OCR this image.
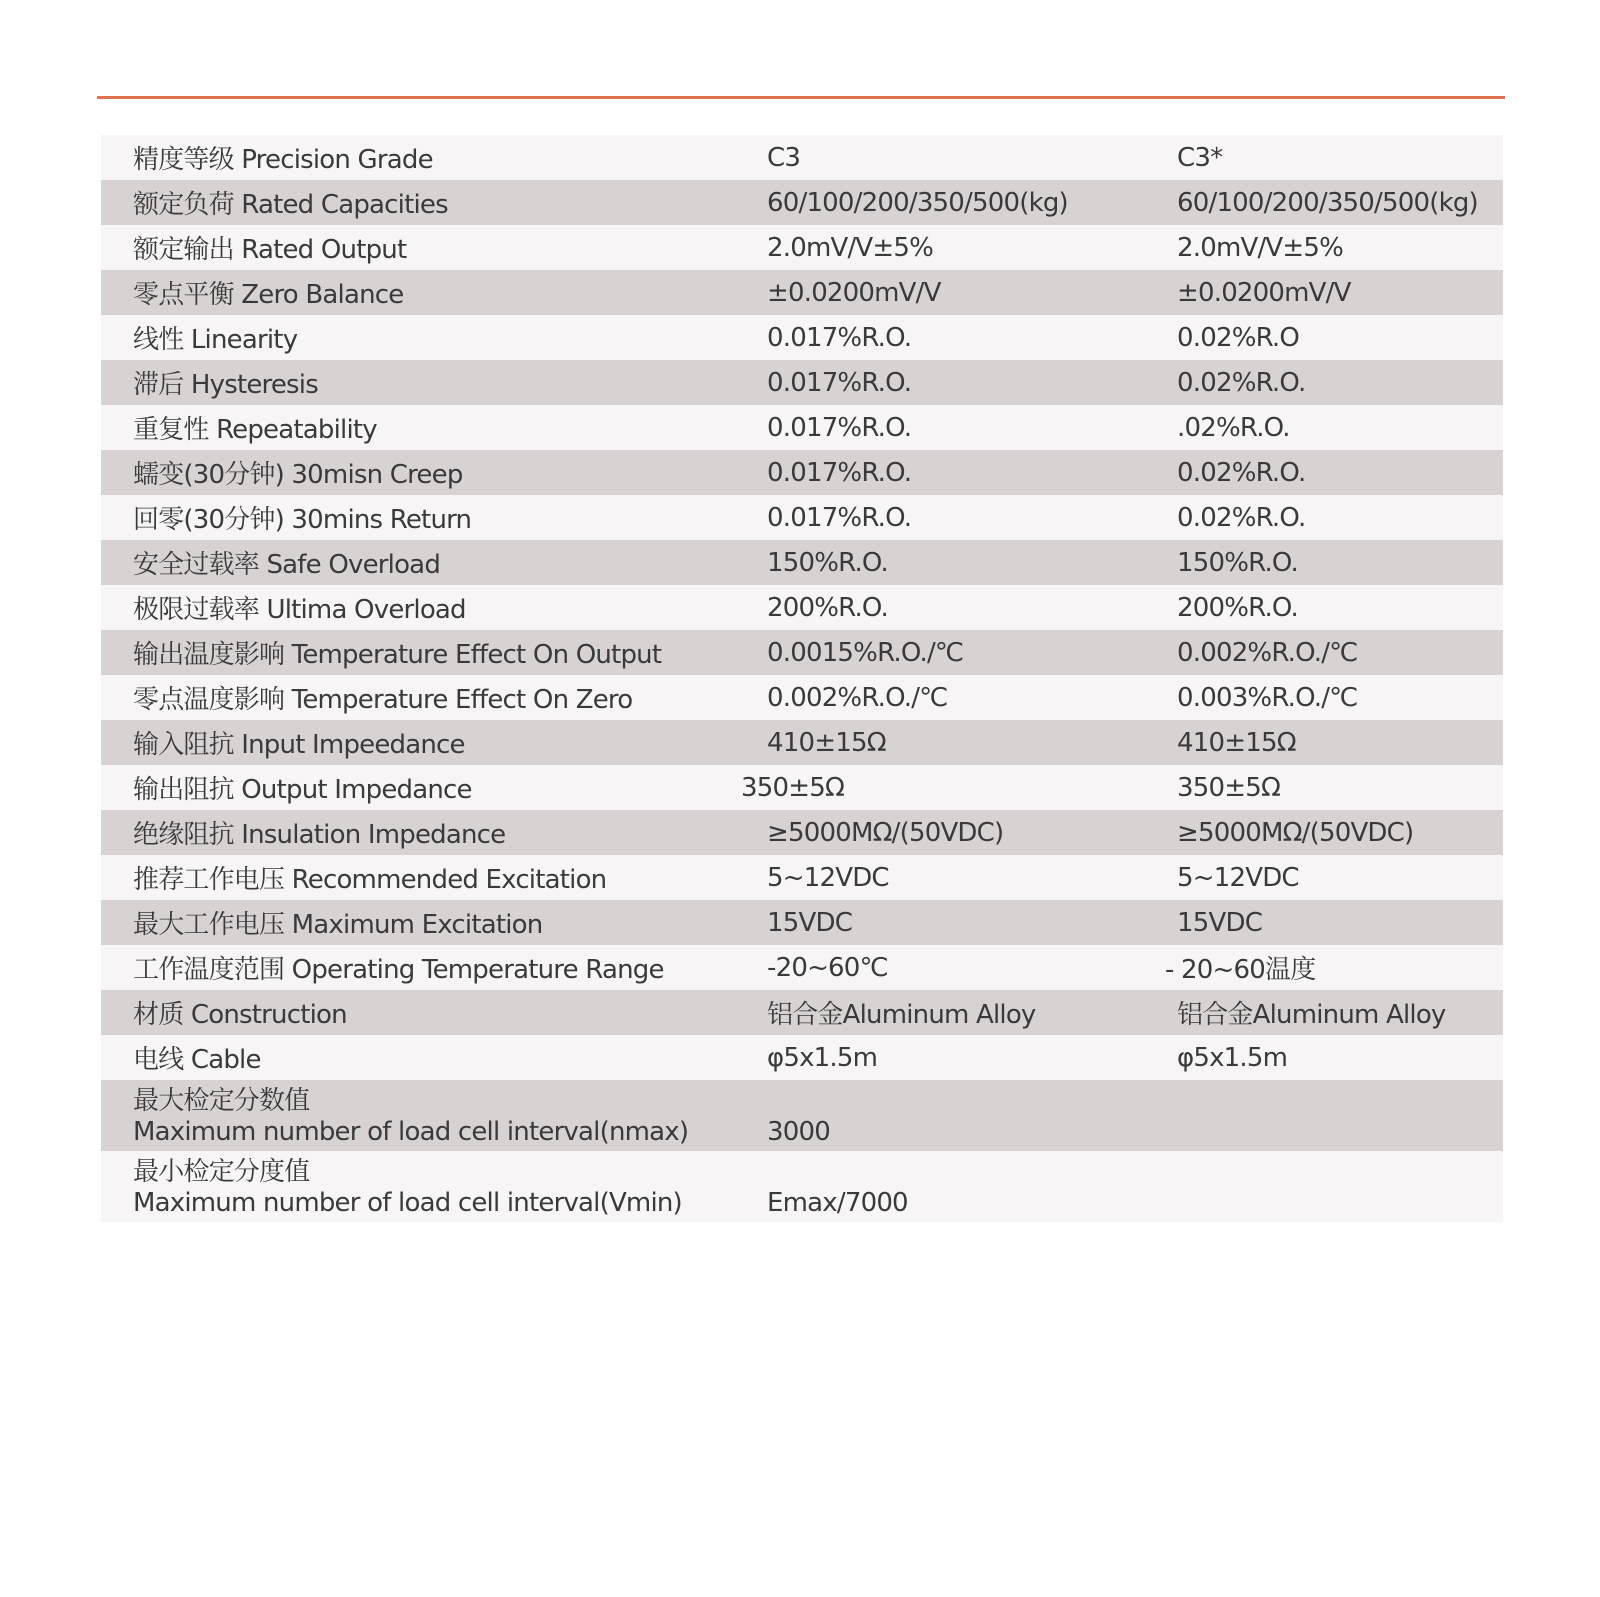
精度等级 Precision Grade	C3	C3*
额定负荷 Rated Capacities	60/100/200/350/500(kg)	60/100/200/350/500(kg)
额定输出 Rated Output	2.0mV/V±5%	2.0mV/V±5%
零点平衡 Zero Balance	±0.0200mV/V	±0.0200mV/V
线性 Linearity	0.017%R.O.	0.02%R.O
滞后 Hysteresis	0.017%R.O.	0.02%R.O.
重复性 Repeatability	0.017%R.O.	.02%R.O.
蠕变(30分钟) 30misn Creep	0.017%R.O.	0.02%R.O.
回零(30分钟) 30mins Return	0.017%R.O.	0.02%R.O.
安全过载率 Safe Overload	150%R.O.	150%R.O.
极限过载率 Ultima Overload	200%R.O.	200%R.O.
输出温度影响 Temperature Effect On Output	0.0015%R.O./℃	0.002%R.O./℃
零点温度影响 Temperature Effect On Zero	0.002%R.O./℃	0.003%R.O./℃
输入阻抗 Input Impeedance	410±15Ω	410±15Ω
输出阻抗 Output Impedance	350±5Ω	350±5Ω
绝缘阻抗 Insulation Impedance	≥5000MΩ/(50VDC)	≥5000MΩ/(50VDC)
推荐工作电压 Recommended Excitation	5~12VDC	5~12VDC
最大工作电压 Maximum Excitation	15VDC	15VDC
工作温度范围 Operating Temperature Range	-20~60℃	- 20~60温度
材质 Construction	铝合金Aluminum Alloy	铝合金Aluminum Alloy
电线 Cable	φ5x1.5m	φ5x1.5m
最大检定分数值
Maximum number of load cell interval(nmax)	3000
最小检定分度值
Maximum number of load cell interval(Vmin)	Emax/7000
